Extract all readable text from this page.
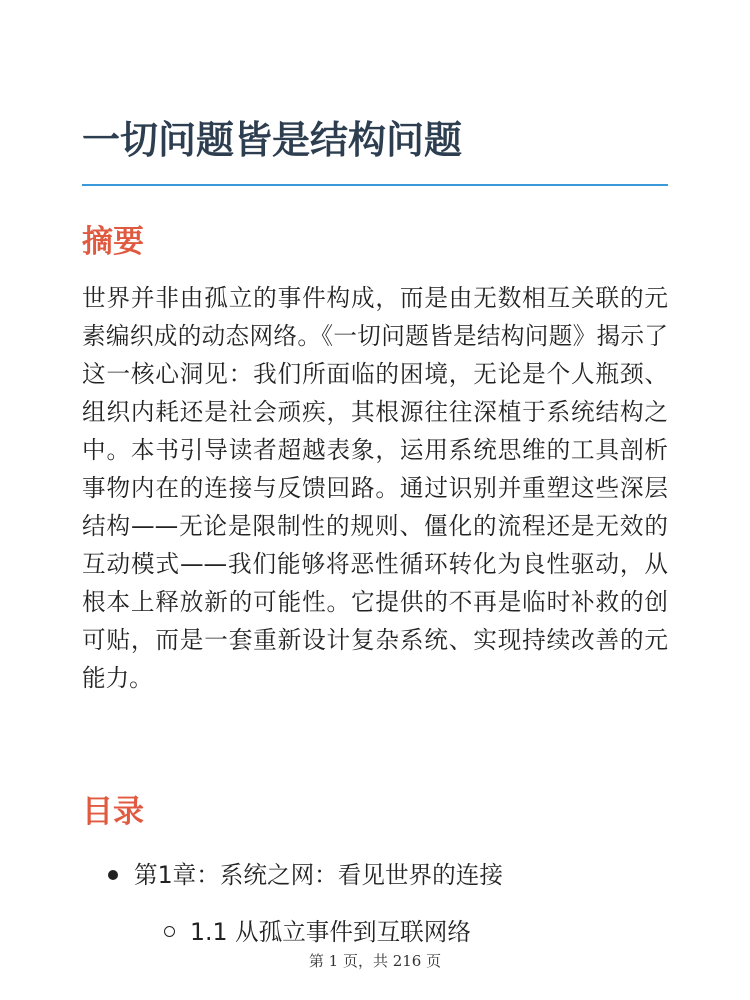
一切问题皆是结构问题
摘要

世界并非由孤立的事件构成，而是由无数相互关联的元素编织成的动态网络。《一切问题皆是结构问题》揭示了这一核心洞见：我们所面临的困境，无论是个人瓶颈、组织内耗还是社会顽疾，其根源往往深植于系统结构之中。本书引导读者超越表象，运用系统思维的工具剖析事物内在的连接与反馈回路。通过识别并重塑这些深层结构——无论是限制性的规则、僵化的流程还是无效的互动模式——我们能够将恶性循环转化为良性驱动，从根本上释放新的可能性。它提供的不再是临时补救的创可贴，而是一套重新设计复杂系统、实现持续改善的元能力。

目录
第1章：系统之网：看见世界的连接
1.1 从孤立事件到互联网络
第 1 页，共 216 页
